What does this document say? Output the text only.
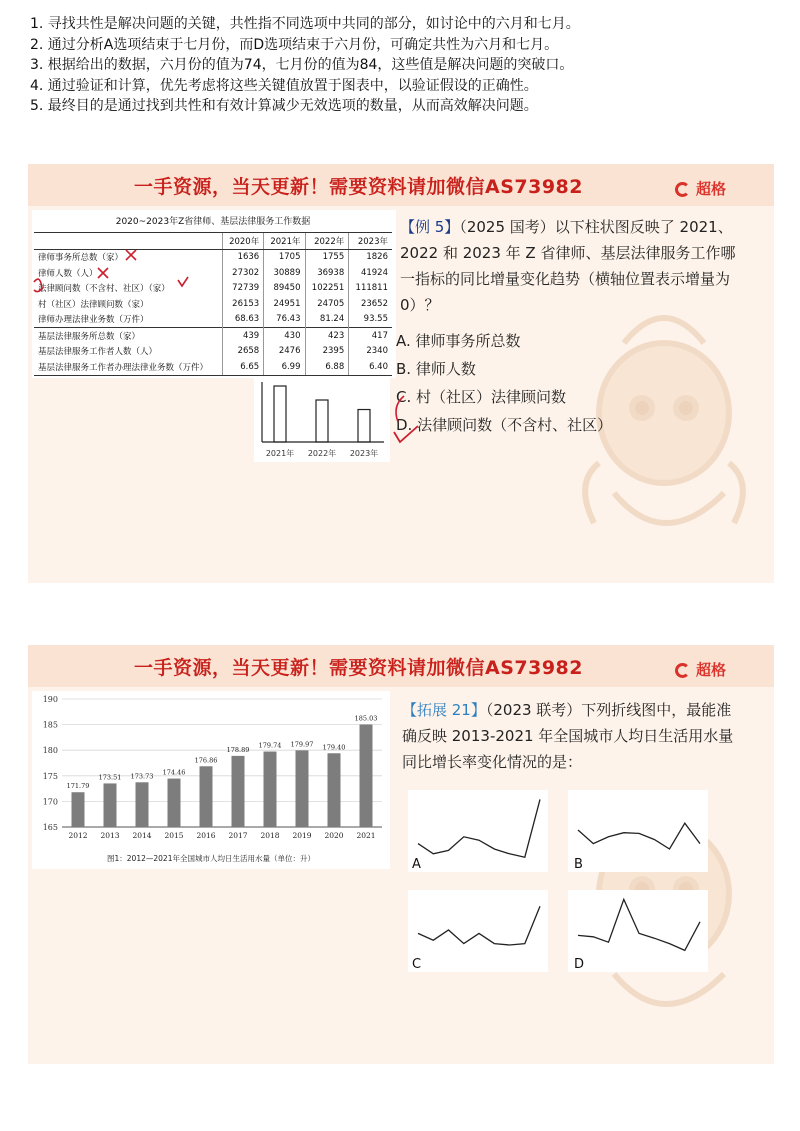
1. 寻找共性是解决问题的关键，共性指不同选项中共同的部分，如讨论中的六月和七月。
2. 通过分析A选项结束于七月份，而D选项结束于六月份，可确定共性为六月和七月。
3. 根据给出的数据，六月份的值为74，七月份的值为84，这些值是解决问题的突破口。
4. 通过验证和计算，优先考虑将这些关键值放置于图表中，以验证假设的正确性。
5. 最终目的是通过找到共性和有效计算减少无效选项的数量，从而高效解决问题。
一手资源，当天更新！需要资料请加微信AS73982	超格
2020~2023年Z省律师、基层法律服务工作数据
	2020年	2021年	2022年	2023年
律师事务所总数（家）	1636	1705	1755	1826
律师人数（人）	27302	30889	36938	41924
法律顾问数（不含村、社区）（家）	72739	89450	102251	111811
村（社区）法律顾问数（家）	26153	24951	24705	23652
律师办理法律业务数（万件）	68.63	76.43	81.24	93.55
基层法律服务所总数（家）	439	430	423	417
基层法律服务工作者人数（人）	2658	2476	2395	2340
基层法律服务工作者办理法律业务数（万件）	6.65	6.99	6.88	6.40
2021年 2022年 2023年
【例 5】（2025 国考）以下柱状图反映了 2021、
2022 和 2023 年 Z 省律师、基层法律服务工作哪
一指标的同比增量变化趋势（横轴位置表示增量为
0）？
A. 律师事务所总数
B. 律师人数
C. 村（社区）法律顾问数
D. 法律顾问数（不含村、社区）
一手资源，当天更新！需要资料请加微信AS73982	超格
165
170
175
180
185
190
171.79
2012
173.51
2013
173.73
2014
174.46
2015
176.86
2016
178.89
2017
179.74
2018
179.97
2019
179.40
2020
185.03
2021
图1：2012—2021年全国城市人均日生活用水量（单位：升）
【拓展 21】（2023 联考）下列折线图中，最能准
确反映 2013-2021 年全国城市人均日生活用水量
同比增长率变化情况的是：
A	B
C	D
